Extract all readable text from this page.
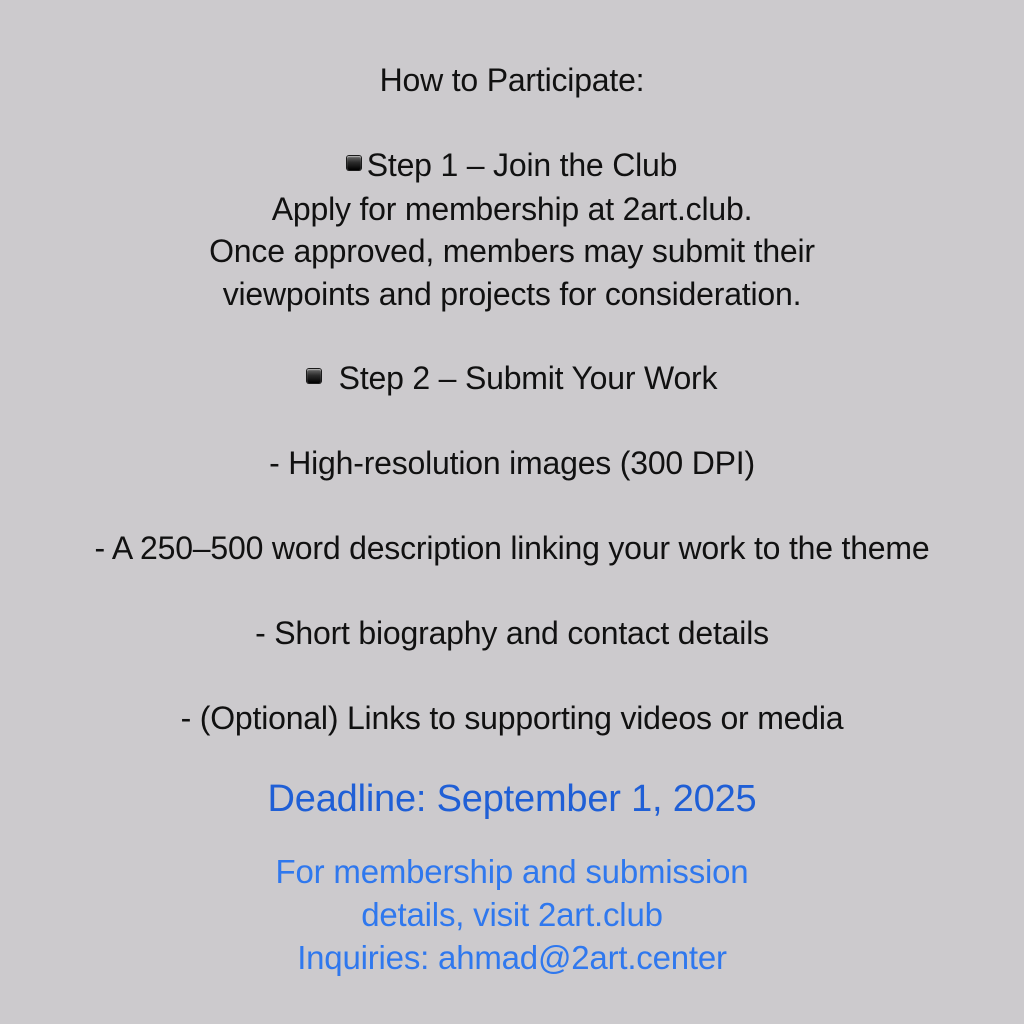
How to Participate:
Step 1 – Join the Club
Apply for membership at 2art.club.
Once approved, members may submit their
viewpoints and projects for consideration.
Step 2 – Submit Your Work
- High-resolution images (300 DPI)
- A 250–500 word description linking your work to the theme
- Short biography and contact details
- (Optional) Links to supporting videos or media
Deadline: September 1, 2025
For membership and submission
details, visit 2art.club
Inquiries: ahmad@2art.center
